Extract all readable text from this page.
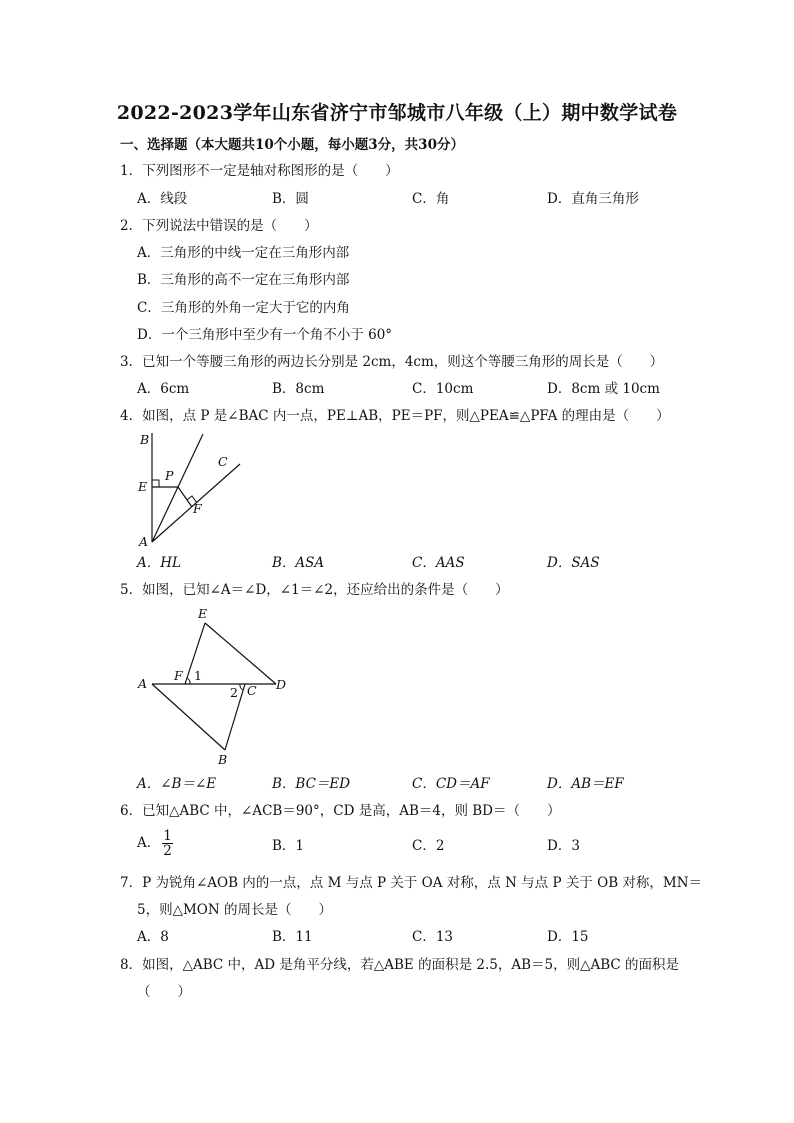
2022-2023学年山东省济宁市邹城市八年级（上）期中数学试卷
一、选择题（本大题共10个小题，每小题3分，共30分）
1．下列图形不一定是轴对称图形的是（　　）
A．线段	B．圆	C．角	D．直角三角形
2．下列说法中错误的是（　　）
A．三角形的中线一定在三角形内部
B．三角形的高不一定在三角形内部
C．三角形的外角一定大于它的内角
D．一个三角形中至少有一个角不小于 60°
3．已知一个等腰三角形的两边长分别是 2cm，4cm，则这个等腰三角形的周长是（　　）
A．6cm	B．8cm	C．10cm	D．8cm 或 10cm
4．如图，点 P 是∠BAC 内一点，PE⊥AB，PE＝PF，则△PEA≌△PFA 的理由是（　　）
B
E
P
C
F
A
A．HL	B．ASA	C．AAS	D．SAS
5．如图，已知∠A＝∠D，∠1＝∠2，还应给出的条件是（　　）
E
A
F 1
2 C D
B
A．∠B＝∠E	B．BC＝ED	C．CD＝AF	D．AB＝EF
6．已知△ABC 中，∠ACB＝90°，CD 是高，AB＝4，则 BD＝（　　）
A． $\frac{1}{2}$	B．1	C．2	D．3
7．P 为锐角∠AOB 内的一点，点 M 与点 P 关于 OA 对称，点 N 与点 P 关于 OB 对称，MN＝
5，则△MON 的周长是（　　）
A．8	B．11	C．13	D．15
8．如图，△ABC 中，AD 是角平分线，若△ABE 的面积是 2.5，AB＝5，则△ABC 的面积是
（　　）
